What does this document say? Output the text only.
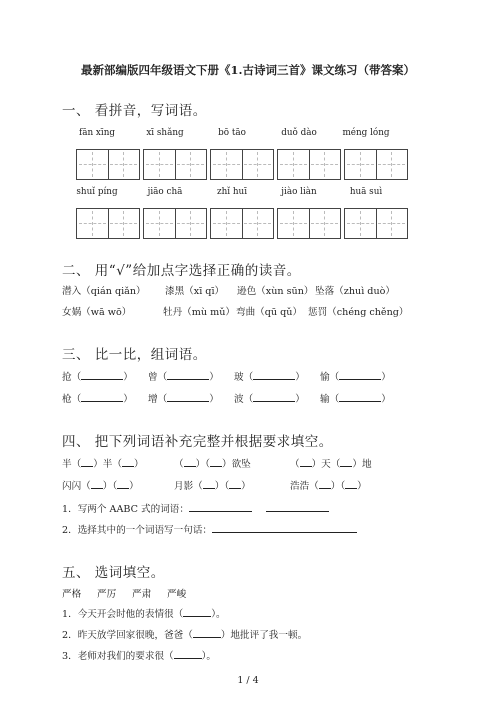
最新部编版四年级语文下册《1.古诗词三首》课文练习（带答案）
一、 看拼音，写词语。
fān xīng	xī shǎng	bō tāo	duǒ dào	méng lóng
shuǐ píng	jiāo chā	zhǐ huī	jiào liàn	huā suì
二、 用“√”给加点字选择正确的读音。
潜入（qián qiǎn） 漆黑（xī qī） 逊色（xùn sūn） 坠落（zhuì duò）
女娲（wā wō）	牡丹（mù mǔ） 弯曲（qū qǔ） 惩罚（chéng chěng）
三、 比一比，组词语。
抢（	） 曾（	） 玻（	） 愉（	）
枪（	） 增（	） 波（	） 输（	）
四、 把下列词语补充完整并根据要求填空。
半（ ）半（ ）	（ ）（ ）欲坠	（ ）天（ ）地
闪闪（ ）（ ）	月影（ ）（ ）	浩浩（ ）（ ）
1．写两个 AABC 式的词语：
2．选择其中的一个词语写一句话：
五、 选词填空。
严格 严厉 严肃 严峻
1．今天开会时他的表情很（	）。
2．昨天放学回家很晚，爸爸（	）地批评了我一顿。
3．老师对我们的要求很（	）。
1 / 4
